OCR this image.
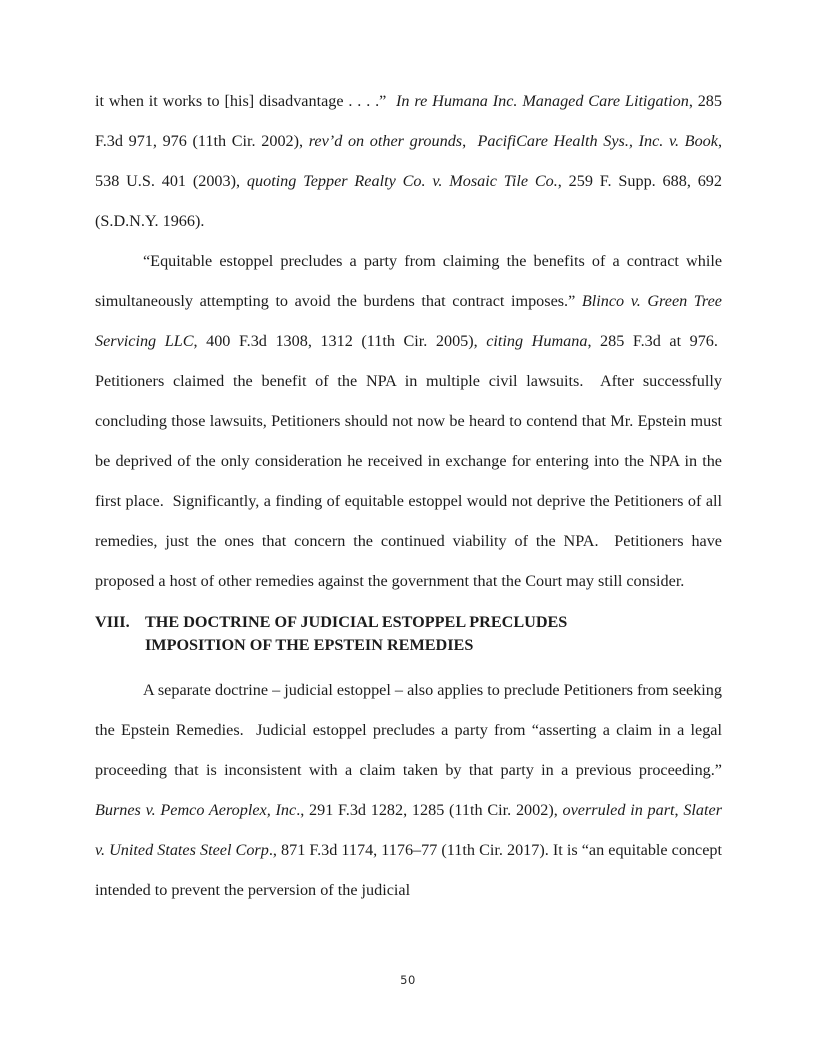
it when it works to [his] disadvantage . . . .”  In re Humana Inc. Managed Care Litigation, 285 F.3d 971, 976 (11th Cir. 2002), rev’d on other grounds,  PacifiCare Health Sys., Inc. v. Book, 538 U.S. 401 (2003), quoting Tepper Realty Co. v. Mosaic Tile Co., 259 F. Supp. 688, 692 (S.D.N.Y. 1966).

“Equitable estoppel precludes a party from claiming the benefits of a contract while simultaneously attempting to avoid the burdens that contract imposes.” Blinco v. Green Tree Servicing LLC, 400 F.3d 1308, 1312 (11th Cir. 2005), citing Humana, 285 F.3d at 976.  Petitioners claimed the benefit of the NPA in multiple civil lawsuits.  After successfully concluding those lawsuits, Petitioners should not now be heard to contend that Mr. Epstein must be deprived of the only consideration he received in exchange for entering into the NPA in the first place.  Significantly, a finding of equitable estoppel would not deprive the Petitioners of all remedies, just the ones that concern the continued viability of the NPA.  Petitioners have proposed a host of other remedies against the government that the Court may still consider.

VIII. THE DOCTRINE OF JUDICIAL ESTOPPEL PRECLUDES
IMPOSITION OF THE EPSTEIN REMEDIES

A separate doctrine – judicial estoppel – also applies to preclude Petitioners from seeking the Epstein Remedies.  Judicial estoppel precludes a party from “asserting a claim in a legal proceeding that is inconsistent with a claim taken by that party in a previous proceeding.” Burnes v. Pemco Aeroplex, Inc., 291 F.3d 1282, 1285 (11th Cir. 2002), overruled in part, Slater v. United States Steel Corp., 871 F.3d 1174, 1176–77 (11th Cir. 2017). It is “an equitable concept intended to prevent the perversion of the judicial

50
